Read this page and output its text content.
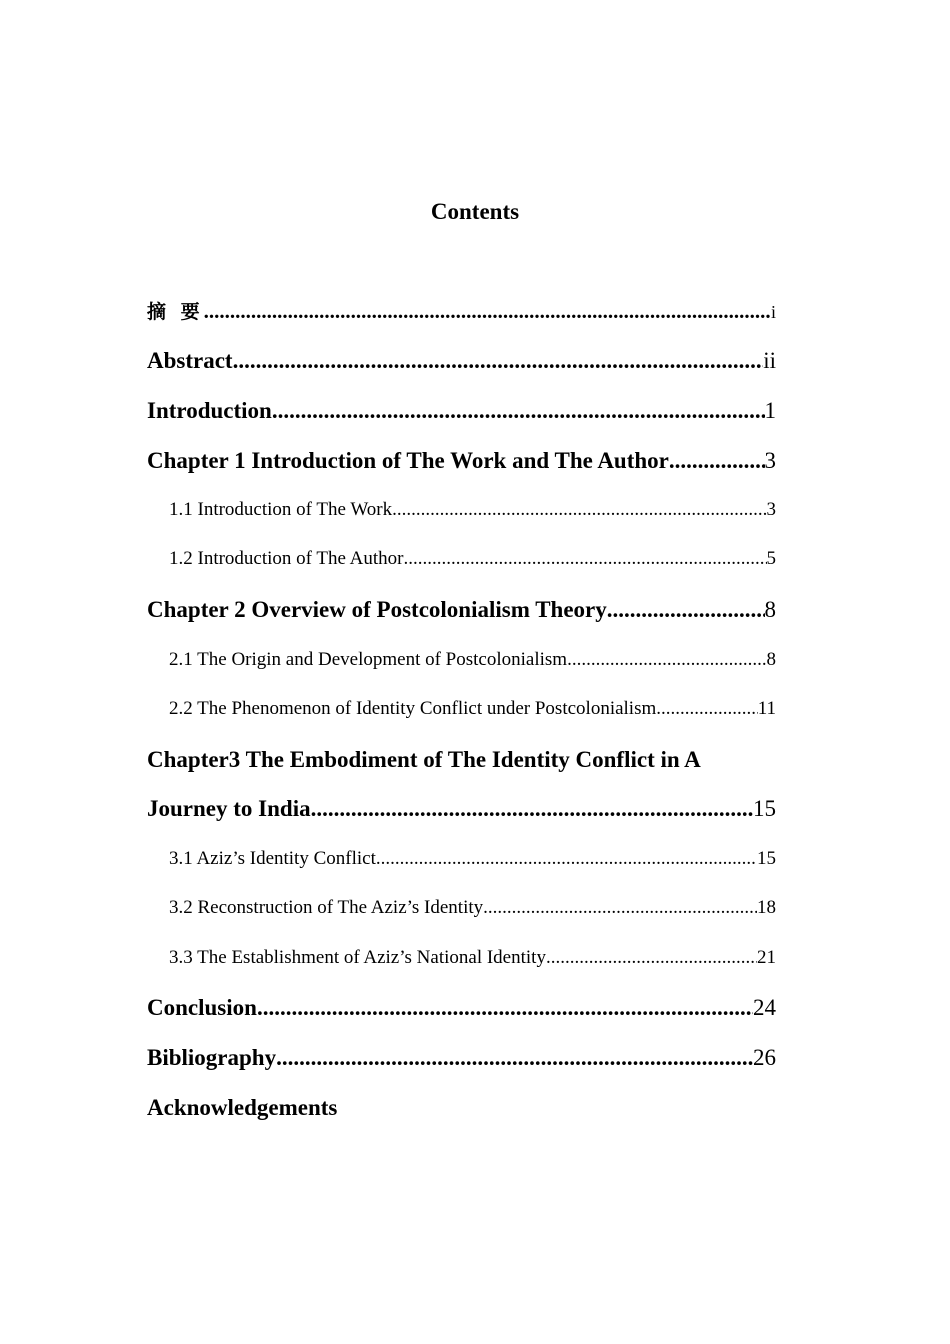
Contents
摘 要 .....	i
Abstract .....	ii
Introduction .....	1
Chapter 1 Introduction of The Work and The Author .....	3
1.1 Introduction of The Work .....	3
1.2 Introduction of The Author .....	5
Chapter 2 Overview of Postcolonialism Theory .....	8
2.1 The Origin and Development of Postcolonialism .....	8
2.2 The Phenomenon of Identity Conflict under Postcolonialism. .....	11
Chapter3 The Embodiment of The Identity Conflict in A
Journey to India .....	15
3.1 Aziz’s Identity Conflict .....	15
3.2 Reconstruction of The Aziz’s Identity .....	18
3.3 The Establishment of Aziz’s National Identity .....	21
Conclusion .....	24
Bibliography .....	26
Acknowledgements
